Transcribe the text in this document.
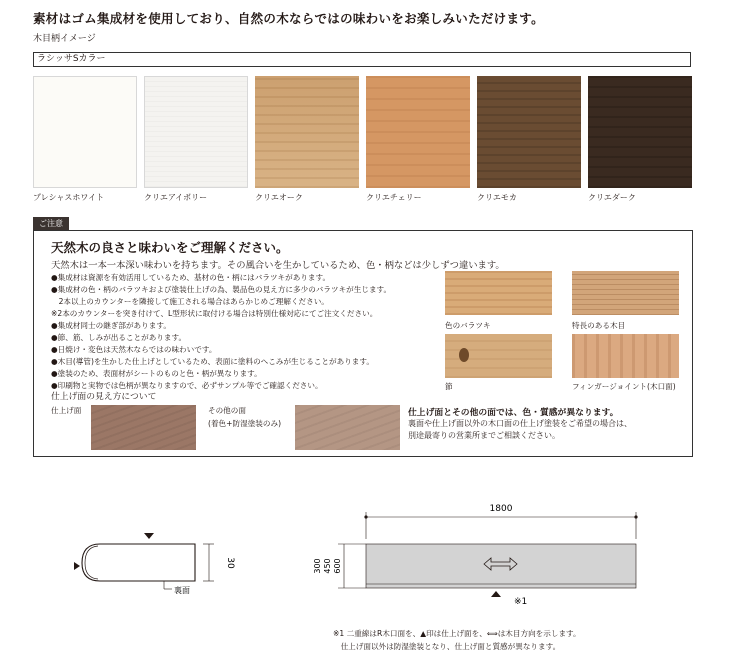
素材はゴム集成材を使用しており、自然の木ならではの味わいをお楽しみいただけます。
木目柄イメージ
ラシッサSカラー
プレシャスホワイト	クリエアイボリー	クリエオーク	クリエチェリー	クリエモカ	クリエダーク
ご注意
天然木の良さと味わいをご理解ください。
天然木は一本一本深い味わいを持ちます。その風合いを生かしているため、色・柄などは少しずつ違います。
●集成材は資源を有効活用しているため、基材の色・柄にはバラツキがあります。
●集成材の色・柄のバラツキおよび塗装仕上げの為、製品色の見え方に多少のバラツキが生じます。
　2本以上のカウンターを隣接して施工される場合はあらかじめご理解ください。
※2本のカウンターを突き付けて、L型形状に取付ける場合は特別仕様対応にてご注文ください。
●集成材同士の継ぎ部があります。
●節、筋、しみが出ることがあります。
●日焼け・変色は天然木ならではの味わいです。
●木目(導管)を生かした仕上げとしているため、表面に塗料のへこみが生じることがあります。
●塗装のため、表面材がシートのものと色・柄が異なります。
●印刷物と実物では色柄が異なりますので、必ずサンプル等でご確認ください。
色のバラツキ	特長のある木目
節	フィンガージョイント(木口面)
仕上げ面の見え方について
仕上げ面	その他の面
(着色+防湿塗装のみ)
仕上げ面とその他の面では、色・質感が異なります。
裏面や仕上げ面以外の木口面の仕上げ塗装をご希望の場合は、
別途最寄りの営業所までご相談ください。
30
裏面
1800
300 450 600
※1
※1 二重線はR木口面を、▲印は仕上げ面を、⟺は木目方向を示します。
　仕上げ面以外は防湿塗装となり、仕上げ面と質感が異なります。
